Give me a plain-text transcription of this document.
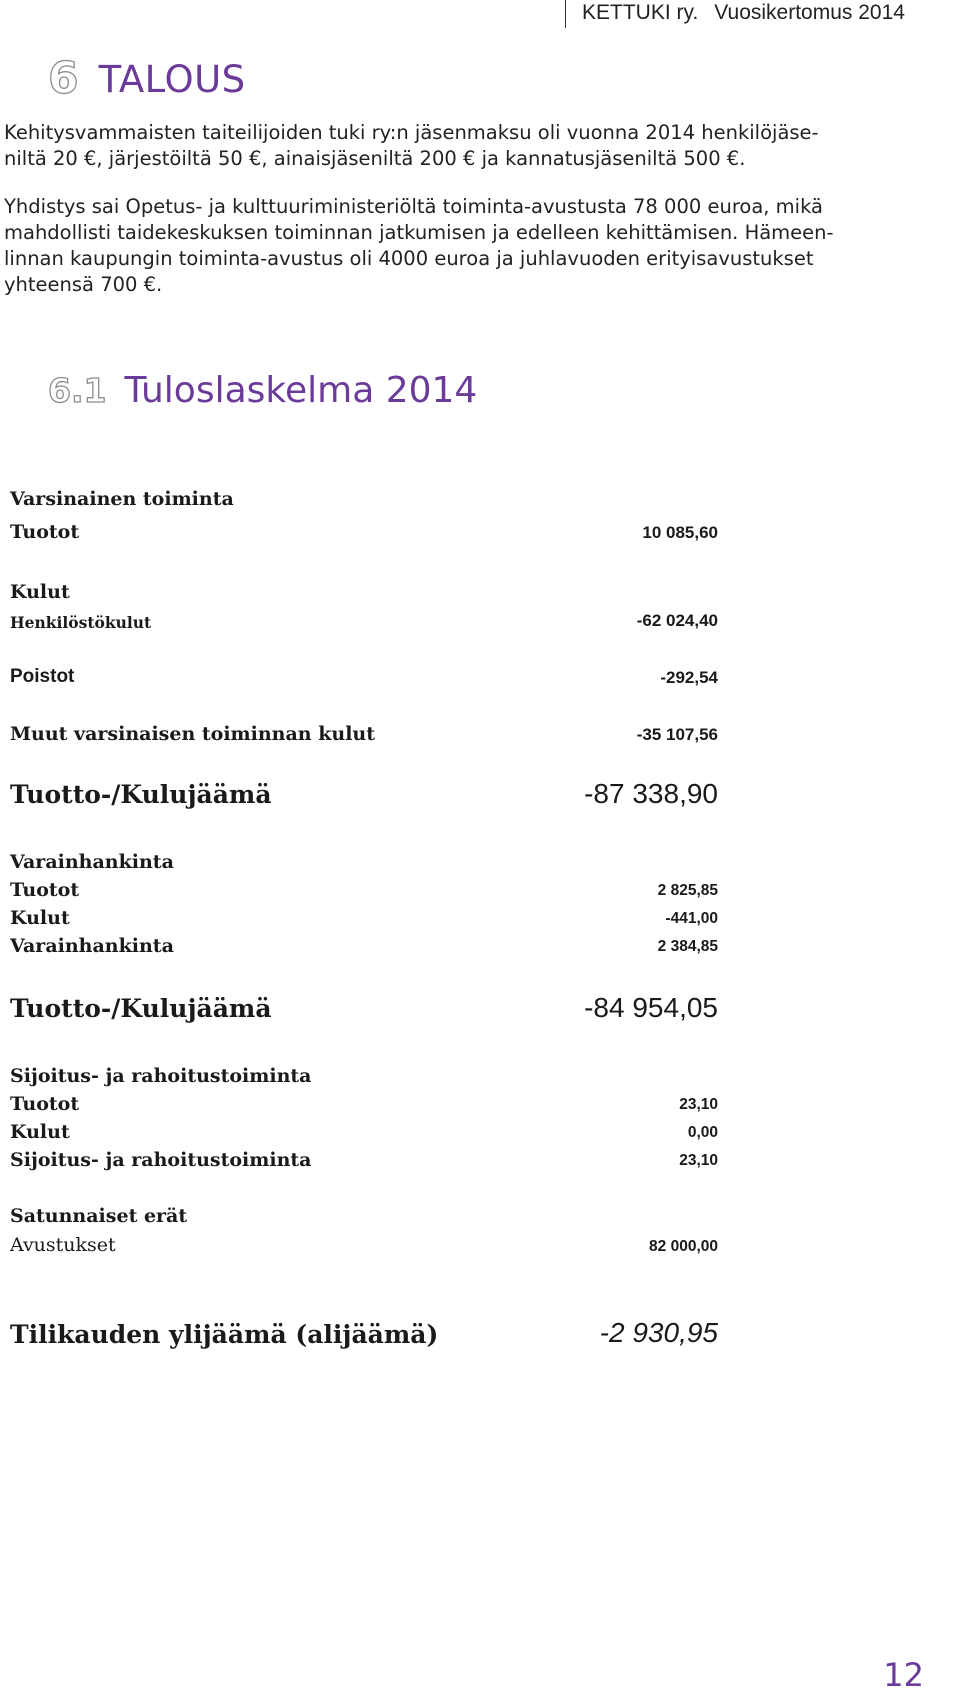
KETTUKI ry. Vuosikertomus 2014
6 TALOUS

Kehitysvammaisten taiteilijoiden tuki ry:n jäsenmaksu oli vuonna 2014 henkilöjäse-
niltä 20 €, järjestöiltä 50 €, ainaisjäseniltä 200 € ja kannatusjäseniltä 500 €.

Yhdistys sai Opetus- ja kulttuuriministeriöltä toiminta-avustusta 78 000 euroa, mikä
mahdollisti taidekeskuksen toiminnan jatkumisen ja edelleen kehittämisen. Hämeen-
linnan kaupungin toiminta-avustus oli 4000 euroa ja juhlavuoden erityisavustukset
yhteensä 700 €.

6.1 Tuloslaskelma 2014
Varsinainen toiminta
Tuotot	10 085,60
Kulut
Henkilöstökulut	-62 024,40
Poistot	-292,54
Muut varsinaisen toiminnan kulut	-35 107,56
Tuotto-/Kulujäämä	-87 338,90
Varainhankinta
Tuotot	2 825,85
Kulut	-441,00
Varainhankinta	2 384,85
Tuotto-/Kulujäämä	-84 954,05
Sijoitus- ja rahoitustoiminta
Tuotot	23,10
Kulut	0,00
Sijoitus- ja rahoitustoiminta	23,10
Satunnaiset erät
Avustukset	82 000,00
Tilikauden ylijäämä (alijäämä)	-2 930,95
12
